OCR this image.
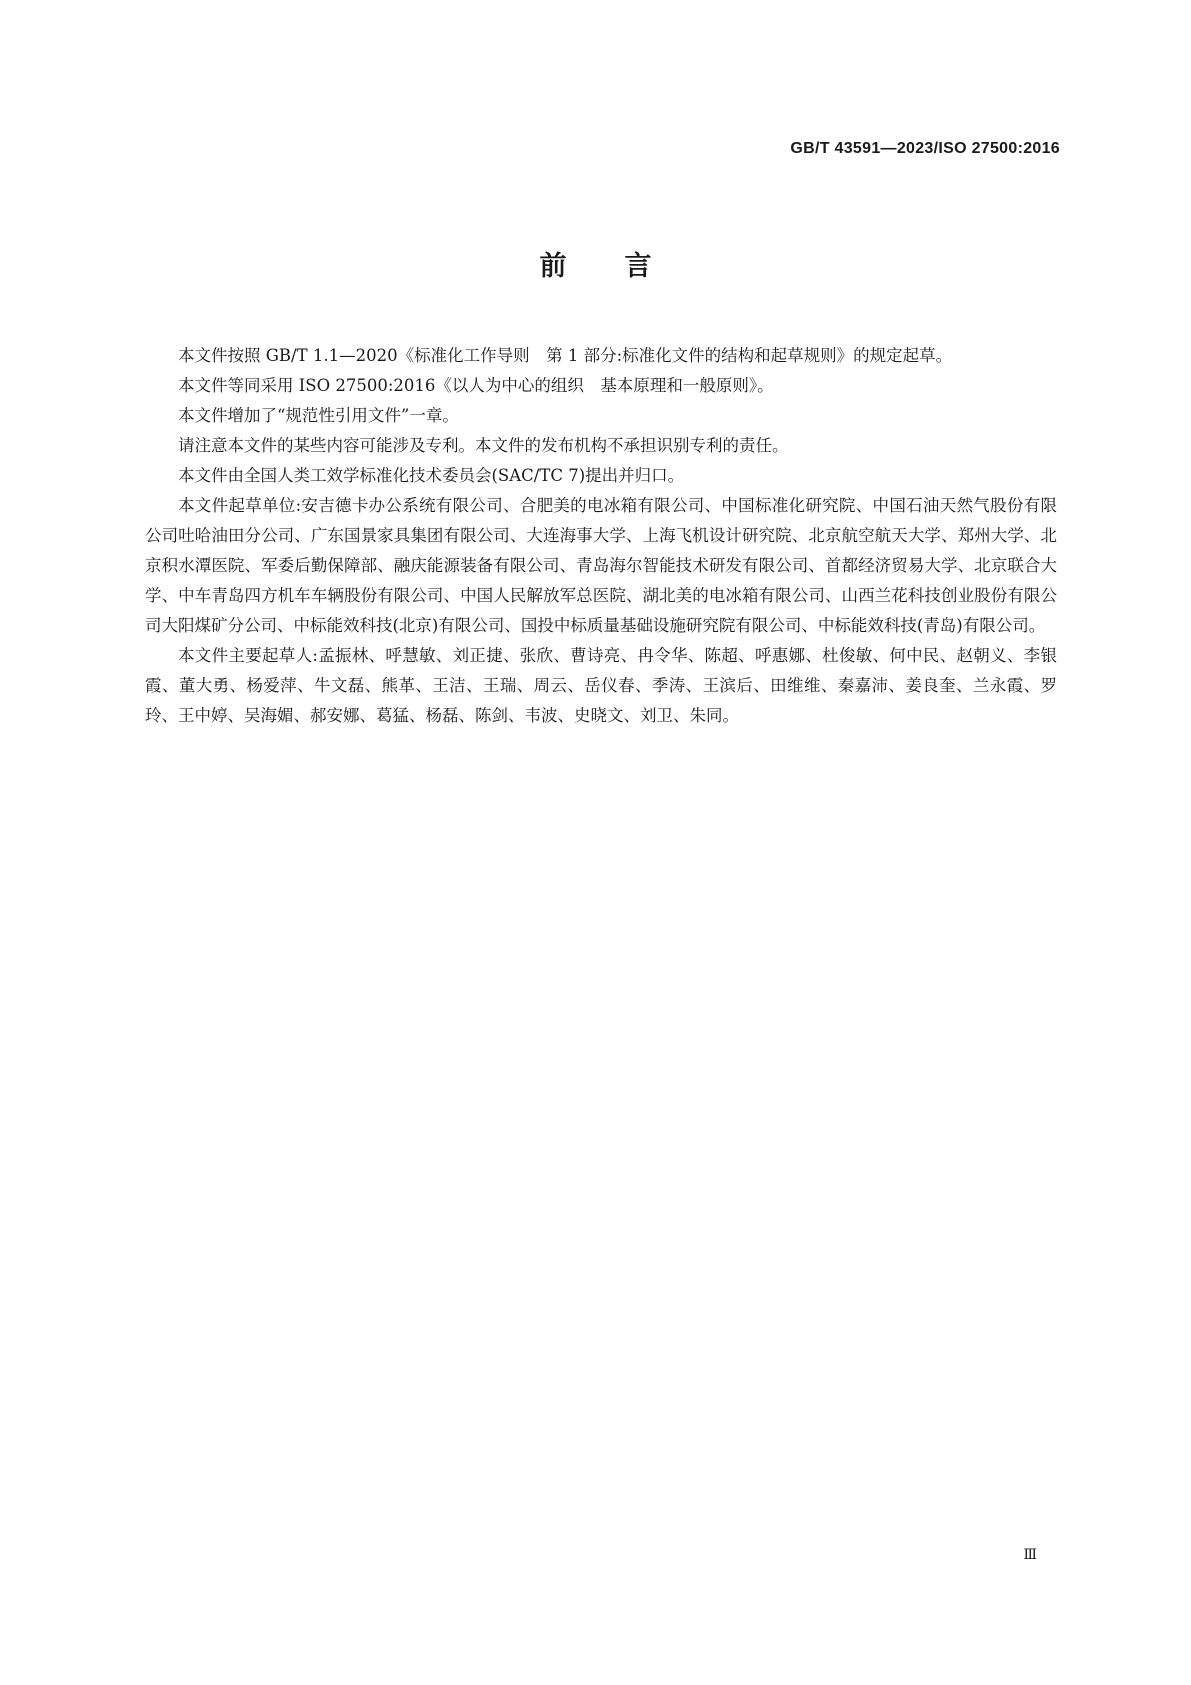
GB/T 43591—2023/ISO 27500:2016
前言

本文件按照 GB/T 1.1—2020《标准化工作导则　第 1 部分:标准化文件的结构和起草规则》的规定起草。

本文件等同采用 ISO 27500:2016《以人为中心的组织　基本原理和一般原则》。

本文件增加了“规范性引用文件”一章。

请注意本文件的某些内容可能涉及专利。本文件的发布机构不承担识别专利的责任。

本文件由全国人类工效学标准化技术委员会(SAC/TC 7)提出并归口。

本文件起草单位:安吉德卡办公系统有限公司、合肥美的电冰箱有限公司、中国标准化研究院、中国石油天然气股份有限公司吐哈油田分公司、广东国景家具集团有限公司、大连海事大学、上海飞机设计研究院、北京航空航天大学、郑州大学、北京积水潭医院、军委后勤保障部、融庆能源装备有限公司、青岛海尔智能技术研发有限公司、首都经济贸易大学、北京联合大学、中车青岛四方机车车辆股份有限公司、中国人民解放军总医院、湖北美的电冰箱有限公司、山西兰花科技创业股份有限公司大阳煤矿分公司、中标能效科技(北京)有限公司、国投中标质量基础设施研究院有限公司、中标能效科技(青岛)有限公司。

本文件主要起草人:孟振林、呼慧敏、刘正捷、张欣、曹诗亮、冉令华、陈超、呼惠娜、杜俊敏、何中民、赵朝义、李银霞、董大勇、杨爱萍、牛文磊、熊革、王洁、王瑞、周云、岳仪春、季涛、王滨后、田维维、秦嘉沛、姜良奎、兰永霞、罗玲、王中婷、吴海媚、郝安娜、葛猛、杨磊、陈剑、韦波、史晓文、刘卫、朱同。

Ⅲ
